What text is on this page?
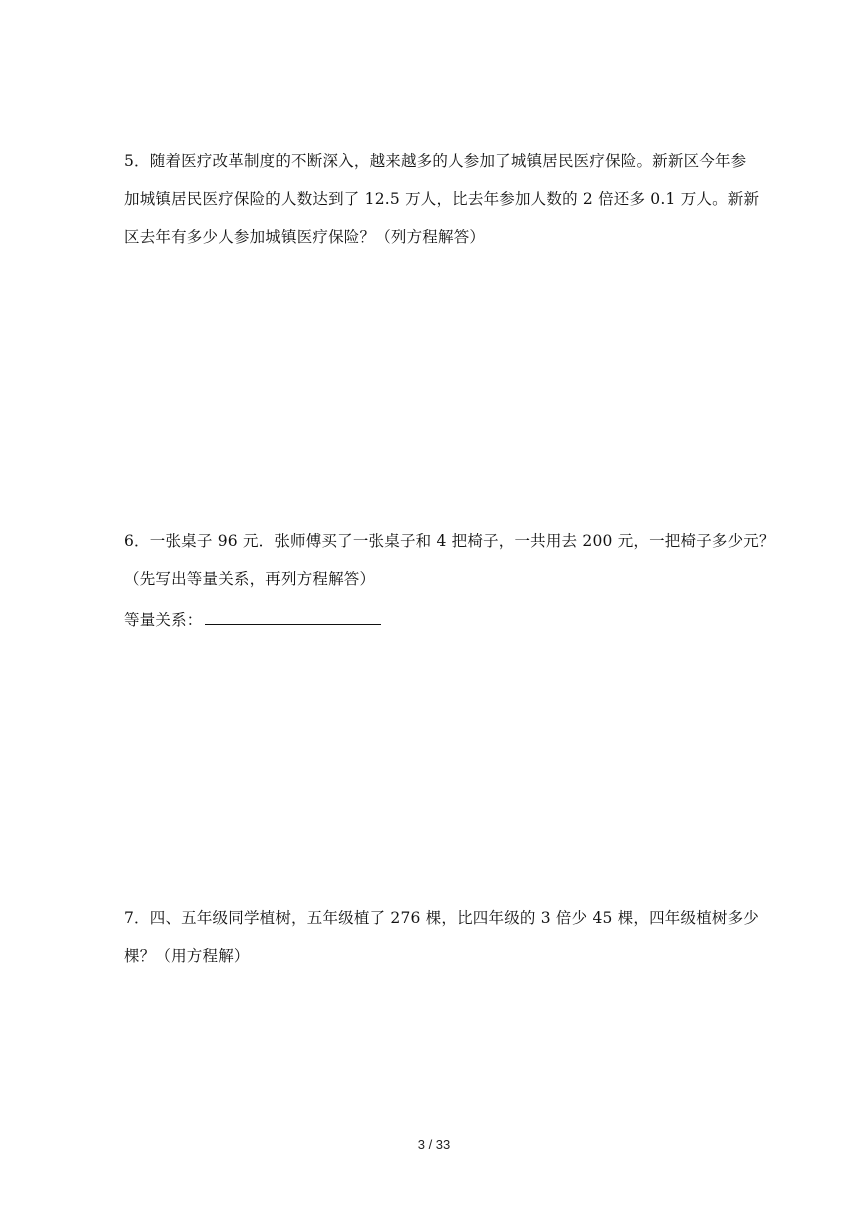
5．随着医疗改革制度的不断深入，越来越多的人参加了城镇居民医疗保险。新新区今年参
加城镇居民医疗保险的人数达到了 12.5 万人，比去年参加人数的 2 倍还多 0.1 万人。新新
区去年有多少人参加城镇医疗保险？（列方程解答）
6．一张桌子 96 元．张师傅买了一张桌子和 4 把椅子，一共用去 200 元，一把椅子多少元？
（先写出等量关系，再列方程解答）
等量关系：
7．四、五年级同学植树，五年级植了 276 棵，比四年级的 3 倍少 45 棵，四年级植树多少
棵？（用方程解）
3 / 33
